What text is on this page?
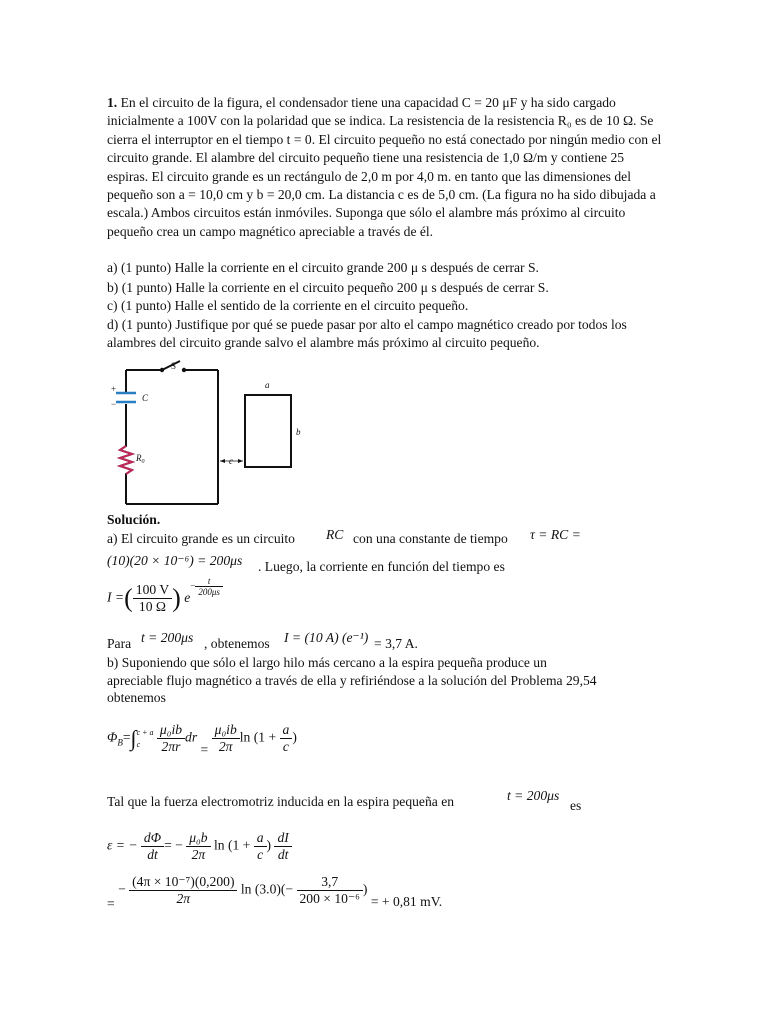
1. En el circuito de la figura, el condensador tiene una capacidad C = 20 μF y ha sido cargado inicialmente a 100V con la polaridad que se indica. La resistencia de la resistencia R₀ es de 10 Ω. Se cierra el interruptor en el tiempo t = 0. El circuito pequeño no está conectado por ningún medio con el circuito grande. El alambre del circuito pequeño tiene una resistencia de 1,0 Ω/m y contiene 25 espiras. El circuito grande es un rectángulo de 2,0 m por 4,0 m. en tanto que las dimensiones del pequeño son a = 10,0 cm y b = 20,0 cm. La distancia c es de 5,0 cm. (La figura no ha sido dibujada a escala.) Ambos circuitos están inmóviles. Suponga que sólo el alambre más próximo al circuito pequeño crea un campo magnético apreciable a través de él.
a) (1 punto) Halle la corriente en el circuito grande 200 μ s después de cerrar S.
b) (1 punto) Halle la corriente en el circuito pequeño 200 μ s después de cerrar S.
c) (1 punto) Halle el sentido de la corriente en el circuito pequeño.
d) (1 punto) Justifique por qué se puede pasar por alto el campo magnético creado por todos los alambres del circuito grande salvo el alambre más próximo al circuito pequeño.
S
+
−
C
$R_0$
a
b
c
Solución.
a) El circuito grande es un circuito RC con una constante de tiempo τ = RC =
(10)(20 × 10⁻⁶) = 200μs . Luego, la corriente en función del tiempo es
I =( $\frac{100 V}{10 \Omega}$ ) $e- \frac{t}{200\mu s}$
Para t = 200μs , obtenemos I = (10 A) (e⁻¹) = 3,7 A.
b) Suponiendo que sólo el largo hilo más cercano a la espira pequeña produce un
apreciable flujo magnético a través de ella y refiriéndose a la solución del Problema 29,54
obtenemos
$\Phi_B=\int$ c + a
c
	$\frac{\text{μ₀ib}}{2\pi r}$ dr = $\frac{\text{μ₀ib}}{2\pi}$ $\ln (1 + \frac{a}{c}$ )
Tal que la fuerza electromotriz inducida en la espira pequeña en	t = 200μs
es
ε = − $\frac{d\Phi}{dt}$ = − $\frac{\text{μ₀b}}{2\pi}$ $\ln (1 + \frac{a}{c}$ ) $\frac{dI}{dt}$
= − $\frac{\text{(4π × 10⁻⁷)(0,200)}}{2\pi}$ $\ln (3.0)(- \frac{3,7}{\text{200 × 10⁻⁶}}$ ) = + 0,81 mV.
